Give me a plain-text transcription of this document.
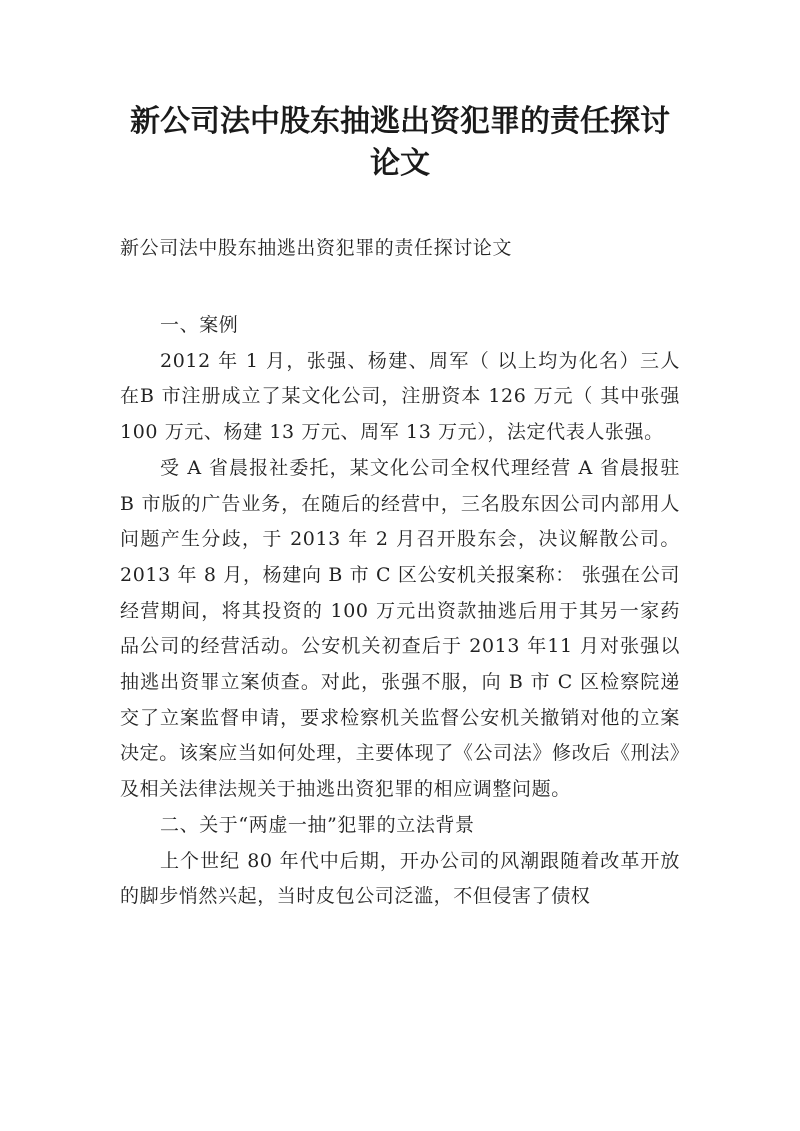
新公司法中股东抽逃出资犯罪的责任探讨
论文

新公司法中股东抽逃出资犯罪的责任探讨论文

一、案例

2012 年 1 月，张强、杨建、周军（ 以上均为化名）三人在B 市注册成立了某文化公司，注册资本 126 万元（ 其中张强100 万元、杨建 13 万元、周军 13 万元），法定代表人张强。

受 A 省晨报社委托，某文化公司全权代理经营 A 省晨报驻B 市版的广告业务，在随后的经营中，三名股东因公司内部用人问题产生分歧，于 2013 年 2 月召开股东会，决议解散公司。2013 年 8 月，杨建向 B 市 C 区公安机关报案称： 张强在公司经营期间，将其投资的 100 万元出资款抽逃后用于其另一家药品公司的经营活动。公安机关初查后于 2013 年11 月对张强以抽逃出资罪立案侦查。对此，张强不服，向 B 市 C 区检察院递交了立案监督申请，要求检察机关监督公安机关撤销对他的立案决定。该案应当如何处理，主要体现了《公司法》修改后《刑法》及相关法律法规关于抽逃出资犯罪的相应调整问题。

二、关于“两虚一抽”犯罪的立法背景

上个世纪 80 年代中后期，开办公司的风潮跟随着改革开放的脚步悄然兴起，当时皮包公司泛滥，不但侵害了债权
